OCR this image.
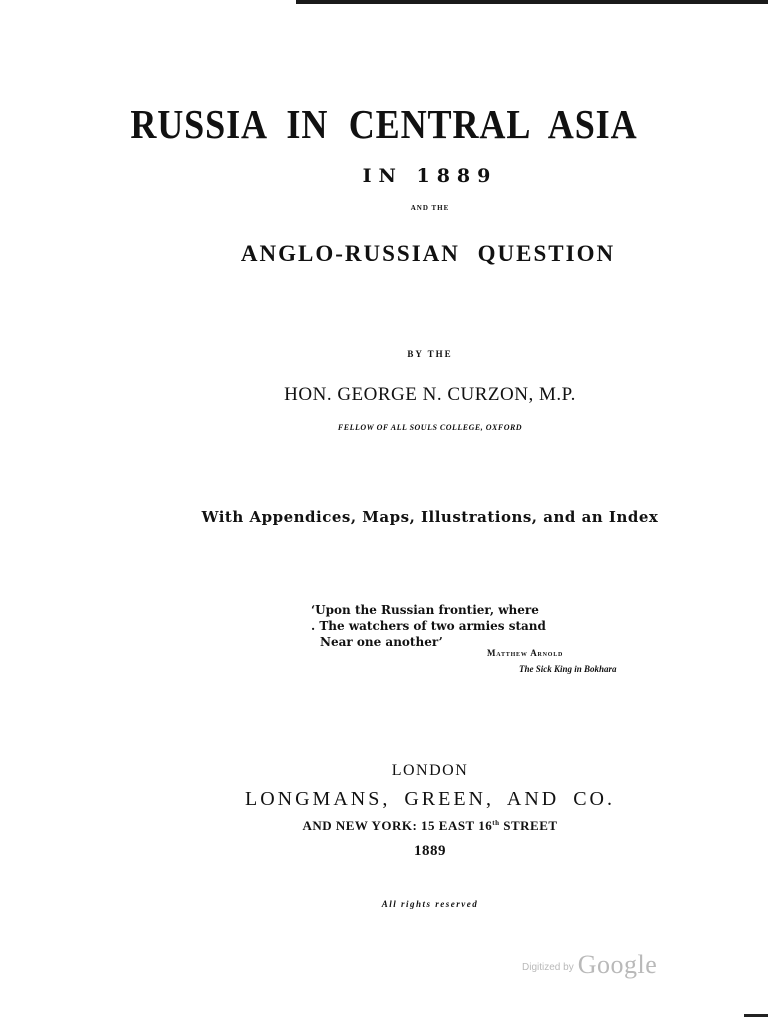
RUSSIA IN CENTRAL ASIA

IN 1889

AND THE

ANGLO-RUSSIAN QUESTION

BY THE

HON. GEORGE N. CURZON, M.P.

FELLOW OF ALL SOULS COLLEGE, OXFORD

With Appendices, Maps, Illustrations, and an Index

‘Upon the Russian frontier, where

. The watchers of two armies stand

Near one another’

Matthew Arnold
The Sick King in Bokhara

LONDON

LONGMANS, GREEN, AND CO.

AND NEW YORK: 15 EAST 16th STREET

1889

All rights reserved

Digitized by Google
